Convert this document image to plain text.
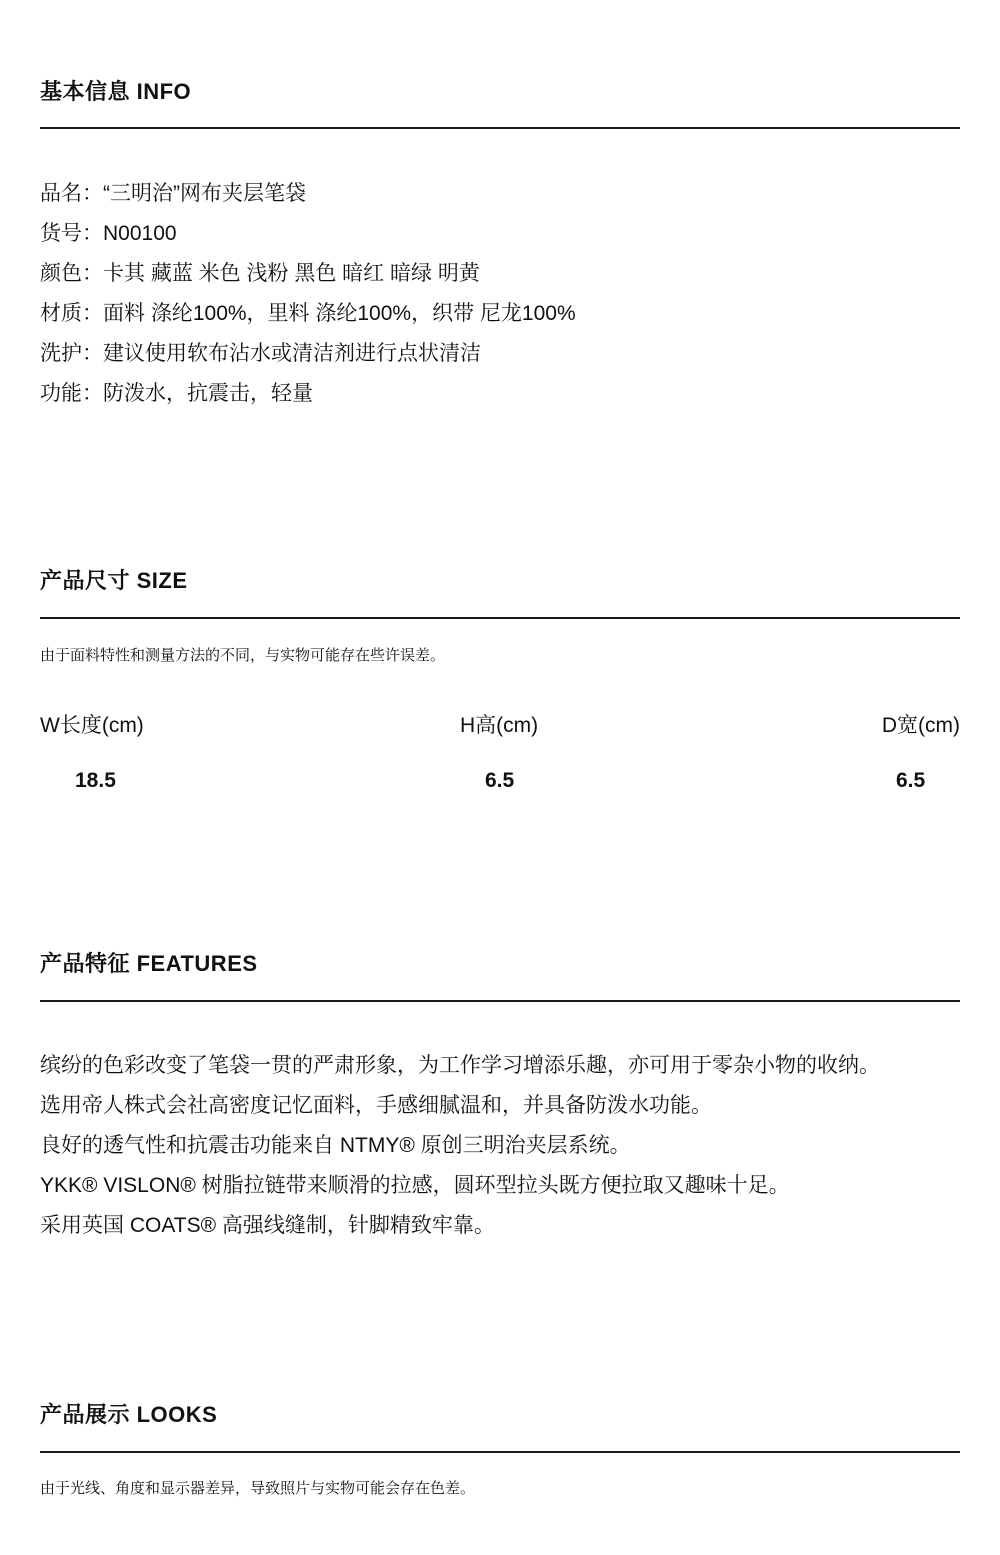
基本信息 INFO
品名：“三明治”网布夹层笔袋
货号：N00100
颜色：卡其 藏蓝 米色 浅粉 黑色 暗红 暗绿 明黄
材质：面料 涤纶100%，里料 涤纶100%，织带 尼龙100%
洗护：建议使用软布沾水或清洁剂进行点状清洁
功能：防泼水，抗震击，轻量
产品尺寸 SIZE
由于面料特性和测量方法的不同，与实物可能存在些许误差。
W长度(cm)	H高(cm)	D宽(cm)
18.5	6.5	6.5
产品特征 FEATURES
缤纷的色彩改变了笔袋一贯的严肃形象，为工作学习增添乐趣，亦可用于零杂小物的收纳。
选用帝人株式会社高密度记忆面料，手感细腻温和，并具备防泼水功能。
良好的透气性和抗震击功能来自 NTMY® 原创三明治夹层系统。
YKK® VISLON® 树脂拉链带来顺滑的拉感，圆环型拉头既方便拉取又趣味十足。
采用英国 COATS® 高强线缝制，针脚精致牢靠。
产品展示 LOOKS
由于光线、角度和显示器差异，导致照片与实物可能会存在色差。
